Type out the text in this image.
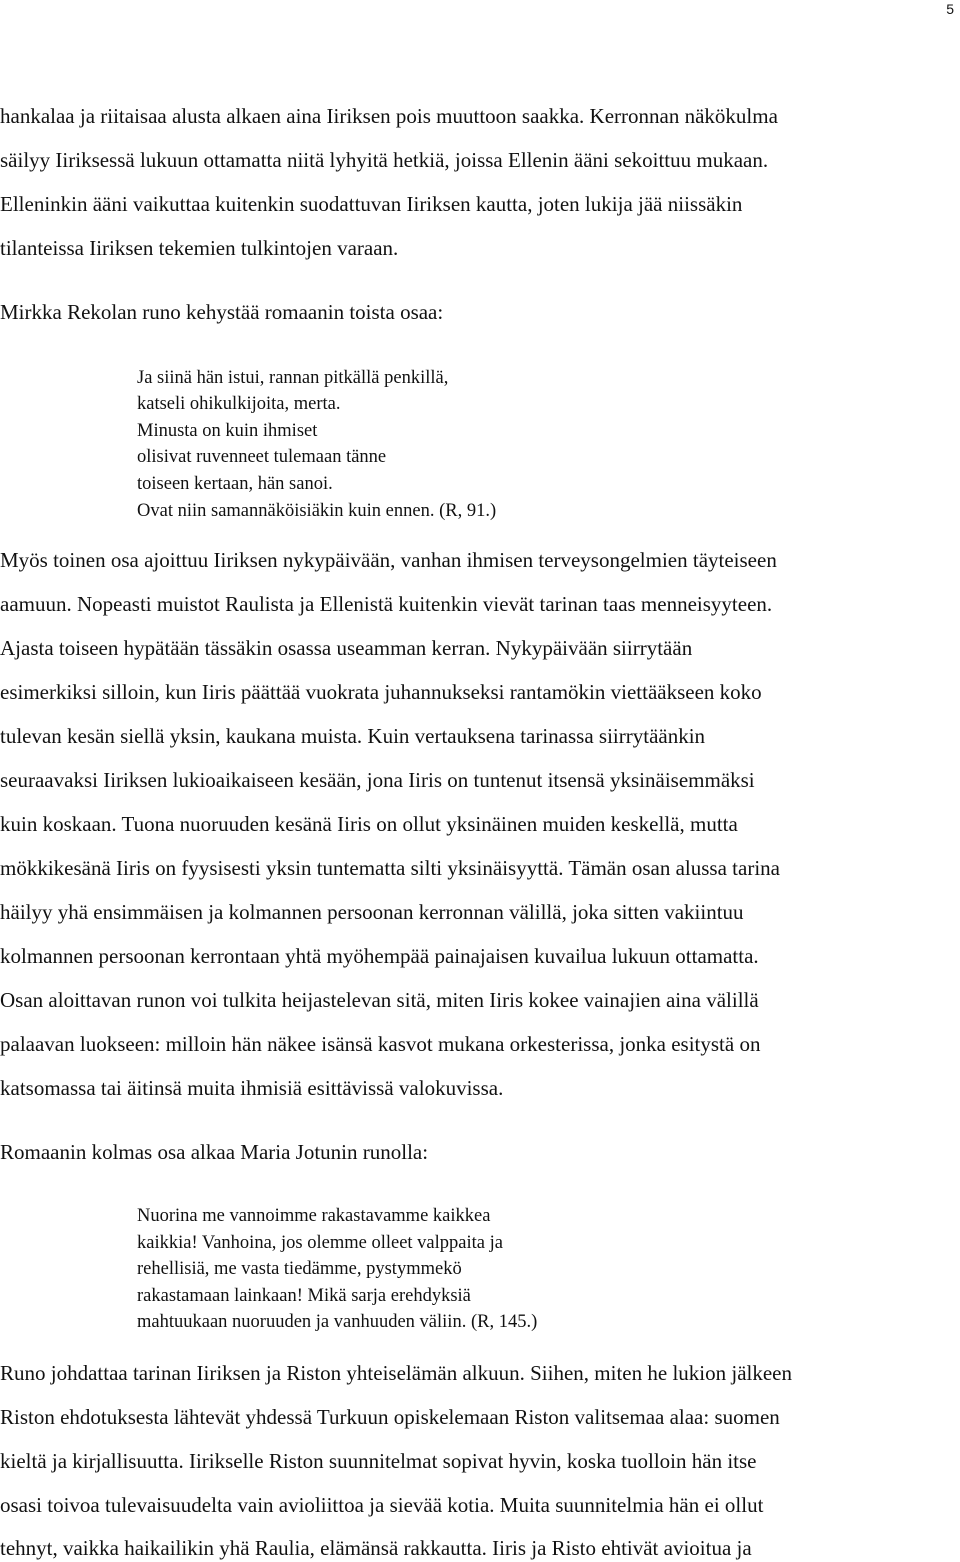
5
hankalaa ja riitaisaa alusta alkaen aina Iiriksen pois muuttoon saakka. Kerronnan näkökulma
säilyy Iiriksessä lukuun ottamatta niitä lyhyitä hetkiä, joissa Ellenin ääni sekoittuu mukaan.
Elleninkin ääni vaikuttaa kuitenkin suodattuvan Iiriksen kautta, joten lukija jää niissäkin
tilanteissa Iiriksen tekemien tulkintojen varaan.
Mirkka Rekolan runo kehystää romaanin toista osaa:
Ja siinä hän istui, rannan pitkällä penkillä,
katseli ohikulkijoita, merta.
Minusta on kuin ihmiset
olisivat ruvenneet tulemaan tänne
toiseen kertaan, hän sanoi.
Ovat niin samannäköisiäkin kuin ennen. (R, 91.)
Myös toinen osa ajoittuu Iiriksen nykypäivään, vanhan ihmisen terveysongelmien täyteiseen
aamuun. Nopeasti muistot Raulista ja Ellenistä kuitenkin vievät tarinan taas menneisyyteen.
Ajasta toiseen hypätään tässäkin osassa useamman kerran. Nykypäivään siirrytään
esimerkiksi silloin, kun Iiris päättää vuokrata juhannukseksi rantamökin viettääkseen koko
tulevan kesän siellä yksin, kaukana muista. Kuin vertauksena tarinassa siirrytäänkin
seuraavaksi Iiriksen lukioaikaiseen kesään, jona Iiris on tuntenut itsensä yksinäisemmäksi
kuin koskaan. Tuona nuoruuden kesänä Iiris on ollut yksinäinen muiden keskellä, mutta
mökkikesänä Iiris on fyysisesti yksin tuntematta silti yksinäisyyttä. Tämän osan alussa tarina
häilyy yhä ensimmäisen ja kolmannen persoonan kerronnan välillä, joka sitten vakiintuu
kolmannen persoonan kerrontaan yhtä myöhempää painajaisen kuvailua lukuun ottamatta.
Osan aloittavan runon voi tulkita heijastelevan sitä, miten Iiris kokee vainajien aina välillä
palaavan luokseen: milloin hän näkee isänsä kasvot mukana orkesterissa, jonka esitystä on
katsomassa tai äitinsä muita ihmisiä esittävissä valokuvissa.
Romaanin kolmas osa alkaa Maria Jotunin runolla:
Nuorina me vannoimme rakastavamme kaikkea
kaikkia! Vanhoina, jos olemme olleet valppaita ja
rehellisiä, me vasta tiedämme, pystymmekö
rakastamaan lainkaan! Mikä sarja erehdyksiä
mahtuukaan nuoruuden ja vanhuuden väliin. (R, 145.)
Runo johdattaa tarinan Iiriksen ja Riston yhteiselämän alkuun. Siihen, miten he lukion jälkeen
Riston ehdotuksesta lähtevät yhdessä Turkuun opiskelemaan Riston valitsemaa alaa: suomen
kieltä ja kirjallisuutta. Iirikselle Riston suunnitelmat sopivat hyvin, koska tuolloin hän itse
osasi toivoa tulevaisuudelta vain avioliittoa ja sievää kotia. Muita suunnitelmia hän ei ollut
tehnyt, vaikka haikailikin yhä Raulia, elämänsä rakkautta. Iiris ja Risto ehtivät avioitua ja
